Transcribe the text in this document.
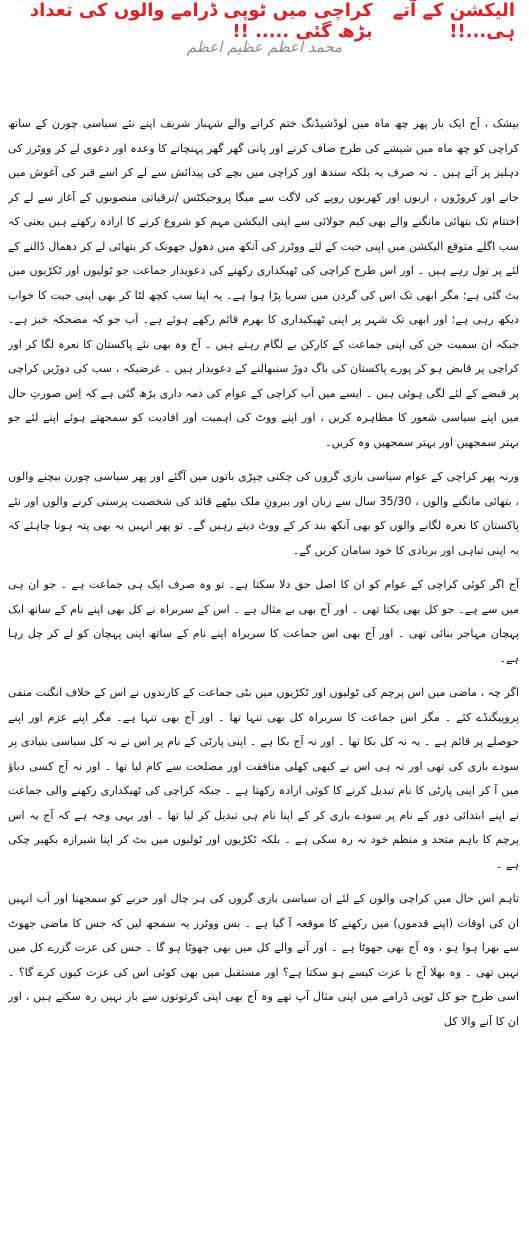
الیکشن کے آتے ہی...!!
کراچی میں ٹوپی ڈرامے والوں کی تعداد بڑھ گئی ..... !!
محمد اعظم عظیم اعظم

بیشک ، آج ایک بار پھر چھ ماہ میں لوڈشیڈنگ ختم کرانے والے شہباز شریف اپنے نئے سیاسی چورن کے ساتھ کراچی کو چھ ماہ میں شیشے کی طرح صاف کرنے اور پانی گھر گھر پہنچانے کا وعدہ اور دعوی لے کر ووٹرز کی دہلیز پر آئے ہیں ۔ نہ صرف یہ بلکہ سندھ اور کراچی میں بچے کی پیدائش سے لے کر اسے قبر کی آغوش میں جانے اور کروڑوں ، اربوں اور کھربوں روپے کی لاگت سے میگا پروجیکٹس /ترقیاتی منصوبوں کے آغاز سے لے کر اختتام تک بتھائی مانگنے والے بھی کیم جولائی سے اپنی الیکشن مہم کو شروع کرنے کا ارادہ رکھتے ہیں یعنی کہ سب اگلے متوقع الیکشن میں اپنی جیت کے لئے ووٹرز کی آنکھ میں دھول جھونک کر بتھائی لے کر دھمال ڈالنے کے لئے پر تول رہے ہیں ۔ اور اس طرح کراچی کی ٹھیکداری رکھنے کی دعویدار جماعت جو ٹولیوں اور ٹکڑیوں میں بٹ گئی ہے؛ مگر ابھی تک اس کی گردن میں سریا پڑا ہوا ہے۔ یہ اپنا سب کچھ لٹا کر بھی اپنی جیت کا خواب دیکھ رہی ہے؛ اور ابھی تک شہر پر اپنی ٹھیکیداری کا بھرم قائم رکھے ہوئے ہے۔ اَب جو کہ مضحکہ خیز ہے۔ جبکہ ان سمیت جن کی اپنی جماعت کے کارکن بے لگام رہتے ہیں ۔ آج وہ بھی نئے پاکستان کا نعرہ لگا کر اور کراچی پر قابض ہو کر پورے پاکستان کی باگ دوڑ سنبھالنے کے دعویدار ہیں ۔ غرضیکہ ، سب کی دوڑیں کراچی پر قبضے کے لئے لگی ہوئی ہیں ۔ ایسے میں اَب کراچی کے عوام کی ذمہ داری بڑھ گئی ہے کہ اِس صورتِ حال میں اپنے سیاسی شعور کا مظاہرہ کریں ، اور اپنے ووٹ کی اہمیت اور افادیت کو سمجھتے ہوئے اپنے لئے جو بہتر سمجھیں اور بہتر سمجھیں وہ کریں۔

ورنہ پھر کراچی کے عوام سیاسی بازی گروں کی چکنی چپڑی باتوں میں آگئے اور پھر سیاسی چورن بیچنے والوں ، بتھائی مانگنے والوں ، 35/30 سال سے زبان اور بیرونِ ملک بیٹھے قائد کی شخصیت پرستی کرنے والوں اور نئے پاکستان کا نعرہ لگانے والوں کو بھی آنکھ بند کر کے ووٹ دیتے رہیں گے۔ تو پھر انہیں یہ بھی پتہ ہونا چاہئے کہ یہ اپنی تباہی اور بربادی کا خود سامان کریں گے۔

آج اگر کوئی کراچی کے عوام کو ان کا اصل حق دلا سکتا ہے۔ تو وہ صرف ایک ہی جماعت ہے ۔ جو ان ہی میں سے ہے۔ جو کل بھی یکتا تھی ۔ اور آج بھی بے مثال ہے ۔ اس کے سربراہ نے کل بھی اپنے نام کے ساتھ ایک پہچان مہاجر بنائی تھی ۔ اور آج بھی اس جماعت کا سربراہ اپنے نام کے ساتھ اپنی پہچان کو لے کر چل رہا ہے۔

اگر چہ ، ماضی میں اس پرچم کی ٹولیوں اور ٹکڑیوں میں بٹی جماعت کے کارندوں نے اس کے خلاف انگنت منفی پروپیگنڈے کئے ۔ مگر اس جماعت کا سربراہ کل بھی تنہا تھا ۔ اور آج بھی تنہا ہے۔ مگر اپنے عزم اور اپنے حوصلے پر قائم ہے ۔ یہ نہ کل بکا تھا ۔ اور نہ آج بکا ہے ۔ اپنی پارٹی کے نام پر اس نے نہ کل سیاسی بنیادی پر سودے بازی کی تھی اور نہ ہی اس نے کبھی کھلی منافقت اور مصلحت سے کام لیا تھا ۔ اور نہ آج کسی دباؤ میں آ کر اپنی پارٹی کا نام تبدیل کرنے کا کوئی ارادہ رکھتا ہے ۔ جبکہ کراچی کی ٹھیکداری رکھنے والی جماعت نے اپنے ابتدائی دور کے نام پر سودے بازی کر کے اپنا نام ہی تبدیل کر لیا تھا ۔ اور یہی وجہ ہے کہ آج یہ اس پرچم کا باہم متحد و منظم خود نہ رہ سکی ہے ۔ بلکہ ٹکڑیوں اور ٹولیوں میں بٹ کر اپنا شیرازہ بکھیر چکی ہے ۔

تاہم اس حال میں کراچی والوں کے لئے ان سیاسی بازی گروں کی ہر چال اور حربے کو سمجھنا اور اَب انہیں ان کی اوقات (اپنے قدموں) میں رکھنے کا موقعہ آ گیا ہے ۔ بس ووٹرز یہ سمجھ لیں کہ جس کا ماضی جھوٹ سے بھرا ہوا ہو ، وہ آج بھی جھوٹا ہے ۔ اور آنے والے کل میں بھی جھوٹا ہو گا ۔ جس کی عزت گزرے کل میں نہیں تھی ۔ وہ بھلا آج با عزت کیسے ہو سکتا ہے؟ اور مستقبل میں بھی کوئی اس کی عزت کیوں کرے گا؟ ۔ اسی طرح جو کل ٹوپی ڈرامے میں اپنی مثال آپ تھے وہ آج بھی اپنی کرتوتوں سے باز نہیں رہ سکتے ہیں ، اور ان کا آنے والا کل
